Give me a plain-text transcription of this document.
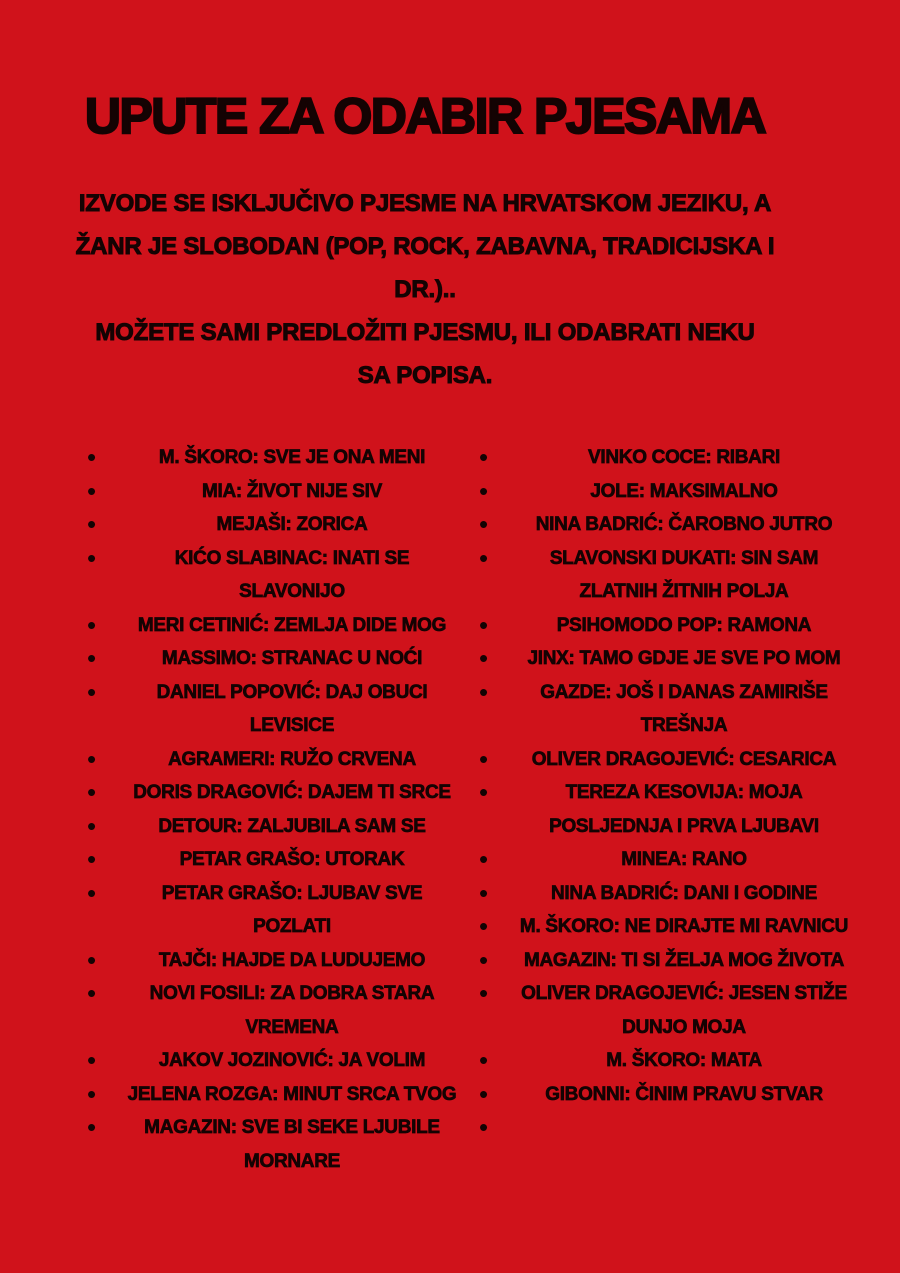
UPUTE ZA ODABIR PJESAMA
IZVODE SE ISKLJUČIVO PJESME NA HRVATSKOM JEZIKU, A
ŽANR JE SLOBODAN (POP, ROCK, ZABAVNA, TRADICIJSKA I
DR.)..
MOŽETE SAMI PREDLOŽITI PJESMU, ILI ODABRATI NEKU
SA POPISA.
•	M. ŠKORO: SVE JE ONA MENI
•	MIA: ŽIVOT NIJE SIV
•	MEJAŠI: ZORICA
•	KIĆO SLABINAC: INATI SE
SLAVONIJO
•	MERI CETINIĆ: ZEMLJA DIDE MOG
•	MASSIMO: STRANAC U NOĆI
•	DANIEL POPOVIĆ: DAJ OBUCI
LEVISICE
•	AGRAMERI: RUŽO CRVENA
•	DORIS DRAGOVIĆ: DAJEM TI SRCE
•	DETOUR: ZALJUBILA SAM SE
•	PETAR GRAŠO: UTORAK
•	PETAR GRAŠO: LJUBAV SVE
POZLATI
•	TAJČI: HAJDE DA LUDUJEMO
•	NOVI FOSILI: ZA DOBRA STARA
VREMENA
•	JAKOV JOZINOVIĆ: JA VOLIM
•	JELENA ROZGA: MINUT SRCA TVOG
•	MAGAZIN: SVE BI SEKE LJUBILE
MORNARE
•	VINKO COCE: RIBARI
•	JOLE: MAKSIMALNO
•	NINA BADRIĆ: ČAROBNO JUTRO
•	SLAVONSKI DUKATI: SIN SAM
ZLATNIH ŽITNIH POLJA
•	PSIHOMODO POP: RAMONA
•	JINX: TAMO GDJE JE SVE PO MOM
•	GAZDE: JOŠ I DANAS ZAMIRIŠE
TREŠNJA
•	OLIVER DRAGOJEVIĆ: CESARICA
•	TEREZA KESOVIJA: MOJA
POSLJEDNJA I PRVA LJUBAVI
•	MINEA: RANO
•	NINA BADRIĆ: DANI I GODINE
•	M. ŠKORO: NE DIRAJTE MI RAVNICU
•	MAGAZIN: TI SI ŽELJA MOG ŽIVOTA
•	OLIVER DRAGOJEVIĆ: JESEN STIŽE
DUNJO MOJA
•	M. ŠKORO: MATA
•	GIBONNI: ČINIM PRAVU STVAR
•
